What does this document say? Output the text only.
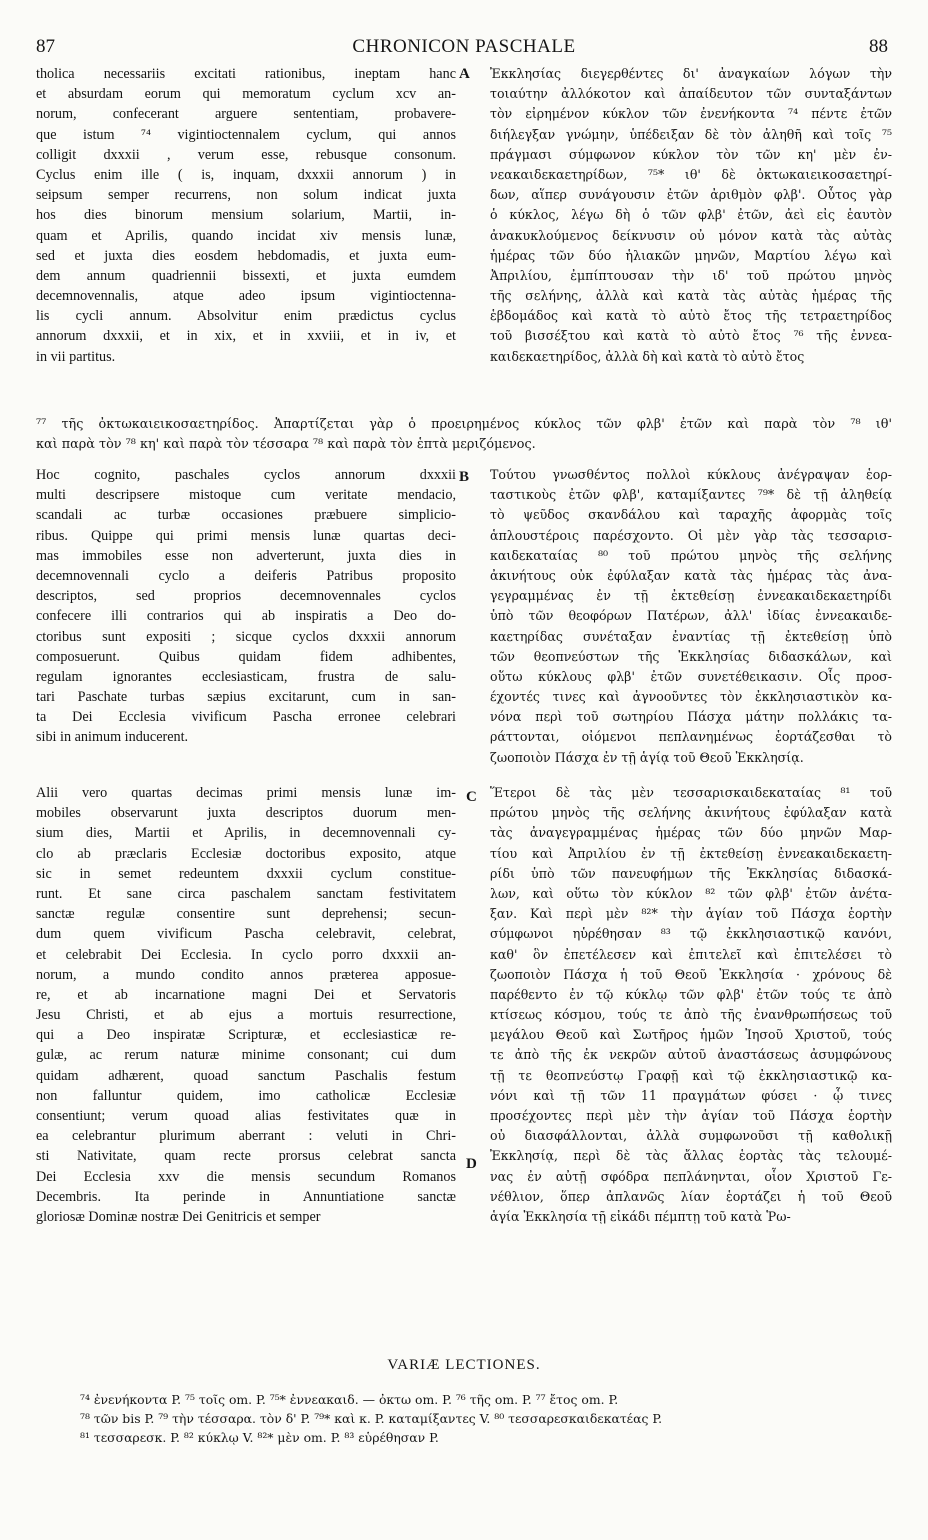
87	CHRONICON PASCHALE	88
A
B
C
D
tholica necessariis excitati rationibus, ineptam hanc
et absurdam eorum qui memoratum cyclum xcv an-
norum, confecerant arguere sententiam, probavere-
que istum ⁷⁴ vigintioctennalem cyclum, qui annos
colligit dxxxii , verum esse, rebusque consonum.
Cyclus enim ille ( is, inquam, dxxxii annorum ) in
seipsum semper recurrens, non solum indicat juxta
hos dies binorum mensium solarium, Martii, in-
quam et Aprilis, quando incidat xiv mensis lunæ,
sed et juxta dies eosdem hebdomadis, et juxta eum-
dem annum quadriennii bissexti, et juxta eumdem
decemnovennalis, atque adeo ipsum vigintioctenna-
lis cycli annum. Absolvitur enim prædictus cyclus
annorum dxxxii, et in xix, et in xxviii, et in iv, et
in vii partitus.
Ἐκκλησίας διεγερθέντες δι' ἀναγκαίων λόγων τὴν
τοιαύτην ἀλλόκοτον καὶ ἀπαίδευτον τῶν συνταξάντων
τὸν εἰρημένον κύκλον τῶν ἐνενήκοντα ⁷⁴ πέντε ἐτῶν
διήλεγξαν γνώμην, ὑπέδειξαν δὲ τὸν ἀληθῆ καὶ τοῖς ⁷⁵
πράγμασι σύμφωνον κύκλον τὸν τῶν κη' μὲν ἐν-
νεακαιδεκαετηρίδων, ⁷⁵* ιθ' δὲ ὀκτωκαιεικοσαετηρί-
δων, αἵπερ συνάγουσιν ἐτῶν ἀριθμὸν φλβ'. Οὗτος γὰρ
ὁ κύκλος, λέγω δὴ ὁ τῶν φλβ' ἐτῶν, ἀεὶ εἰς ἑαυτὸν
ἀνακυκλούμενος δείκνυσιν οὐ μόνον κατὰ τὰς αὐτὰς
ἡμέρας τῶν δύο ἡλιακῶν μηνῶν, Μαρτίου λέγω καὶ
Ἀπριλίου, ἐμπίπτουσαν τὴν ιδ' τοῦ πρώτου μηνὸς
τῆς σελήνης, ἀλλὰ καὶ κατὰ τὰς αὐτὰς ἡμέρας τῆς
ἑβδομάδος καὶ κατὰ τὸ αὐτὸ ἔτος τῆς τετραετηρίδος
τοῦ βισσέξτου καὶ κατὰ τὸ αὐτὸ ἔτος ⁷⁶ τῆς ἐννεα-
καιδεκαετηρίδος, ἀλλὰ δὴ καὶ κατὰ τὸ αὐτὸ ἔτος
⁷⁷ τῆς ὀκτωκαιεικοσαετηρίδος. Ἀπαρτίζεται γὰρ ὁ προειρημένος κύκλος τῶν φλβ' ἐτῶν καὶ παρὰ τὸν ⁷⁸ ιθ'
καὶ παρὰ τὸν ⁷⁸ κη' καὶ παρὰ τὸν τέσσαρα ⁷⁸ καὶ παρὰ τὸν ἑπτὰ μεριζόμενος.
Hoc cognito, paschales cyclos annorum dxxxii
multi descripsere mistoque cum veritate mendacio,
scandali ac turbæ occasiones præbuere simplicio-
ribus. Quippe qui primi mensis lunæ quartas deci-
mas immobiles esse non adverterunt, juxta dies in
decemnovennali cyclo a deiferis Patribus proposito
descriptos, sed proprios decemnovennales cyclos
confecere illi contrarios qui ab inspiratis a Deo do-
ctoribus sunt expositi ; sicque cyclos dxxxii annorum
composuerunt. Quibus quidam fidem adhibentes,
regulam ignorantes ecclesiasticam, frustra de salu-
tari Paschate turbas sæpius excitarunt, cum in san-
ta Dei Ecclesia vivificum Pascha erronee celebrari
sibi in animum inducerent.
Τούτου γνωσθέντος πολλοὶ κύκλους ἀνέγραψαν ἑορ-
ταστικοὺς ἐτῶν φλβ', καταμίξαντες ⁷⁹* δὲ τῇ ἀληθείᾳ
τὸ ψεῦδος σκανδάλου καὶ ταραχῆς ἀφορμὰς τοῖς
ἁπλουστέροις παρέσχοντο. Οἱ μὲν γὰρ τὰς τεσσαρισ-
καιδεκαταίας ⁸⁰ τοῦ πρώτου μηνὸς τῆς σελήνης
ἀκινήτους οὐκ ἐφύλαξαν κατὰ τὰς ἡμέρας τὰς ἀνα-
γεγραμμένας ἐν τῇ ἐκτεθείσῃ ἐννεακαιδεκαετηρίδι
ὑπὸ τῶν θεοφόρων Πατέρων, ἀλλ' ἰδίας ἐννεακαιδε-
καετηρίδας συνέταξαν ἐναντίας τῇ ἐκτεθείσῃ ὑπὸ
τῶν θεοπνεύστων τῆς Ἐκκλησίας διδασκάλων, καὶ
οὕτω κύκλους φλβ' ἐτῶν συνετέθεικασιν. Οἷς προσ-
έχοντές τινες καὶ ἀγνοοῦντες τὸν ἐκκλησιαστικὸν κα-
νόνα περὶ τοῦ σωτηρίου Πάσχα μάτην πολλάκις τα-
ράττονται, οἰόμενοι πεπλανημένως ἑορτάζεσθαι τὸ
ζωοποιὸν Πάσχα ἐν τῇ ἁγίᾳ τοῦ Θεοῦ Ἐκκλησίᾳ.
Alii vero quartas decimas primi mensis lunæ im-
mobiles observarunt juxta descriptos duorum men-
sium dies, Martii et Aprilis, in decemnovennali cy-
clo ab præclaris Ecclesiæ doctoribus exposito, atque
sic in semet redeuntem dxxxii cyclum constitue-
runt. Et sane circa paschalem sanctam festivitatem
sanctæ regulæ consentire sunt deprehensi; secun-
dum quem vivificum Pascha celebravit, celebrat,
et celebrabit Dei Ecclesia. In cyclo porro dxxxii an-
norum, a mundo condito annos præterea apposue-
re, et ab incarnatione magni Dei et Servatoris
Jesu Christi, et ab ejus a mortuis resurrectione,
qui a Deo inspiratæ Scripturæ, et ecclesiasticæ re-
gulæ, ac rerum naturæ minime consonant; cui dum
quidam adhærent, quoad sanctum Paschalis festum
non falluntur quidem, imo catholicæ Ecclesiæ
consentiunt; verum quoad alias festivitates quæ in
ea celebrantur plurimum aberrant : veluti in Chri-
sti Nativitate, quam recte prorsus celebrat sancta
Dei Ecclesia xxv die mensis secundum Romanos
Decembris. Ita perinde in Annuntiatione sanctæ
gloriosæ Dominæ nostræ Dei Genitricis et semper
Ἕτεροι δὲ τὰς μὲν τεσσαρισκαιδεκαταίας ⁸¹ τοῦ
πρώτου μηνὸς τῆς σελήνης ἀκινήτους ἐφύλαξαν κατὰ
τὰς ἀναγεγραμμένας ἡμέρας τῶν δύο μηνῶν Μαρ-
τίου καὶ Ἀπριλίου ἐν τῇ ἐκτεθείσῃ ἐννεακαιδεκαετη-
ρίδι ὑπὸ τῶν πανευφήμων τῆς Ἐκκλησίας διδασκά-
λων, καὶ οὕτω τὸν κύκλον ⁸² τῶν φλβ' ἐτῶν ἀνέτα-
ξαν. Καὶ περὶ μὲν ⁸²* τὴν ἁγίαν τοῦ Πάσχα ἑορτὴν
σύμφωνοι ηὑρέθησαν ⁸³ τῷ ἐκκλησιαστικῷ κανόνι,
καθ' ὃν ἐπετέλεσεν καὶ ἐπιτελεῖ καὶ ἐπιτελέσει τὸ
ζωοποιὸν Πάσχα ἡ τοῦ Θεοῦ Ἐκκλησία · χρόνους δὲ
παρέθεντο ἐν τῷ κύκλῳ τῶν φλβ' ἐτῶν τούς τε ἀπὸ
κτίσεως κόσμου, τούς τε ἀπὸ τῆς ἐνανθρωπήσεως τοῦ
μεγάλου Θεοῦ καὶ Σωτῆρος ἡμῶν Ἰησοῦ Χριστοῦ, τούς
τε ἀπὸ τῆς ἐκ νεκρῶν αὐτοῦ ἀναστάσεως ἀσυμφώνους
τῇ τε θεοπνεύστῳ Γραφῇ καὶ τῷ ἐκκλησιαστικῷ κα-
νόνι καὶ τῇ τῶν 11 πραγμάτων φύσει · ᾧ τινες
προσέχοντες περὶ μὲν τὴν ἁγίαν τοῦ Πάσχα ἑορτὴν
οὐ διασφάλλονται, ἀλλὰ συμφωνοῦσι τῇ καθολικῇ
Ἐκκλησίᾳ, περὶ δὲ τὰς ἄλλας ἑορτὰς τὰς τελουμέ-
νας ἐν αὐτῇ σφόδρα πεπλάνηνται, οἷον Χριστοῦ Γε-
νέθλιον, ὅπερ ἀπλανῶς λίαν ἑορτάζει ἡ τοῦ Θεοῦ
ἁγία Ἐκκλησία τῇ εἰκάδι πέμπτῃ τοῦ κατὰ Ῥω-
VARIÆ LECTIONES.
⁷⁴ ἐνενήκοντα P. ⁷⁵ τοῖς om. P. ⁷⁵* ἐννεακαιδ. — ὀκτω om. P. ⁷⁶ τῆς om. P. ⁷⁷ ἔτος om. P.
⁷⁸ τῶν bis P. ⁷⁹ τὴν τέσσαρα. τὸν δ' P. ⁷⁹* καὶ κ. P. καταμίξαντες V. ⁸⁰ τεσσαρεσκαιδεκατέας P.
⁸¹ τεσσαρεσκ. P. ⁸² κύκλῳ V. ⁸²* μὲν om. P. ⁸³ εὑρέθησαν P.
